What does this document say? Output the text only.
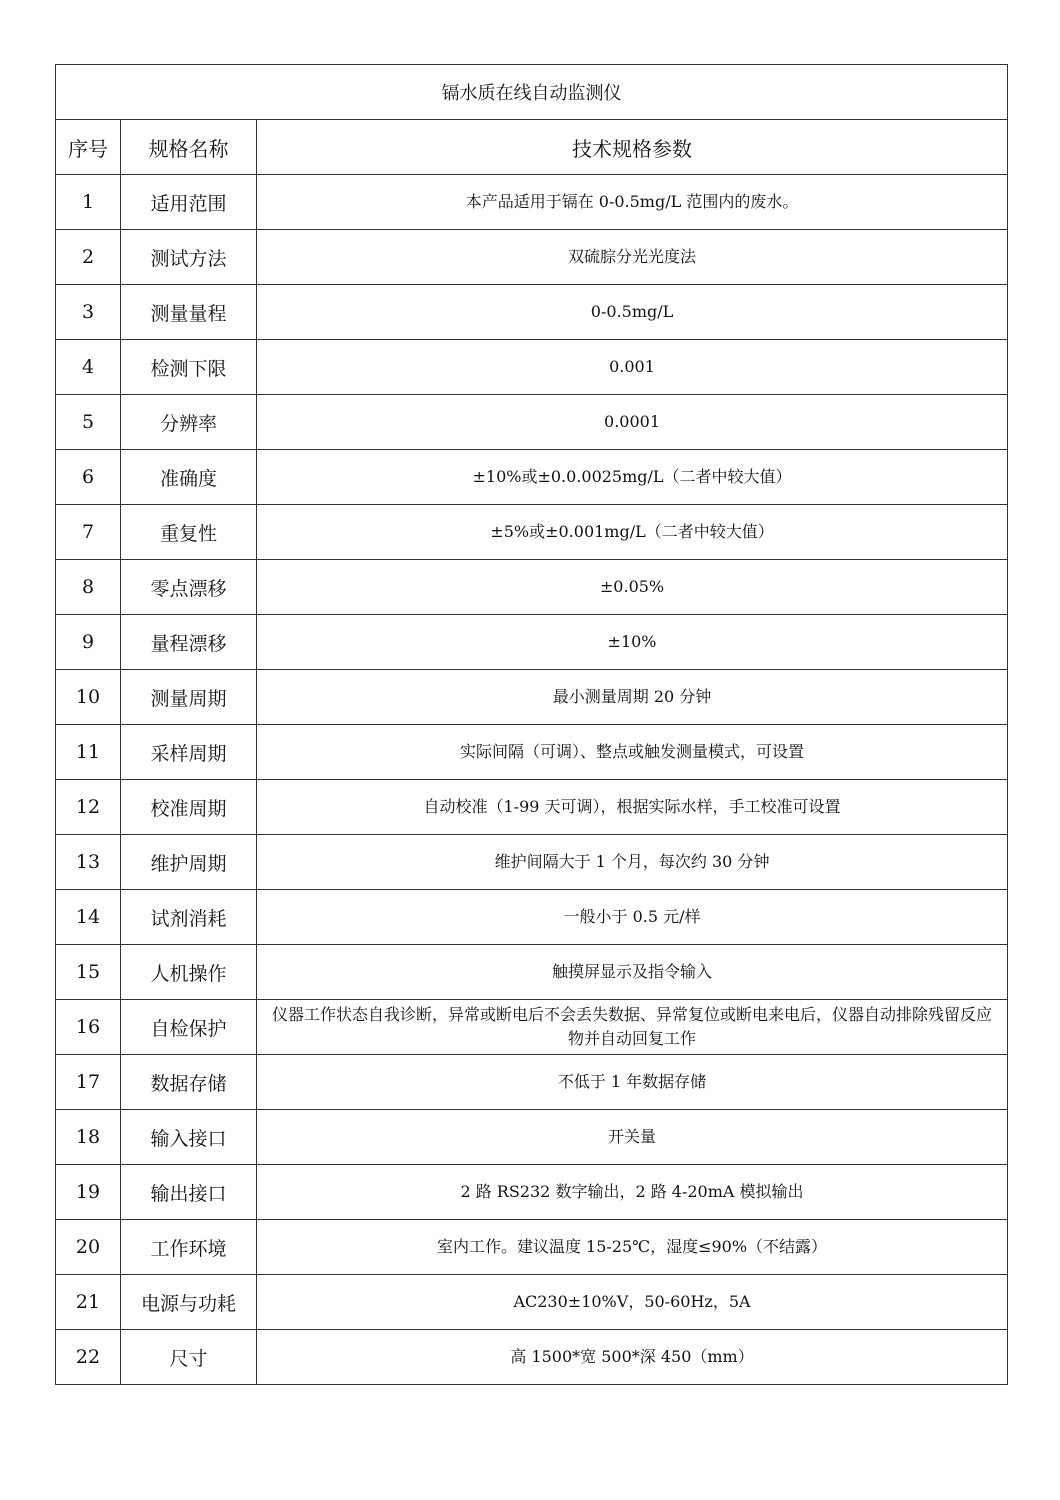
镉水质在线自动监测仪		
序号	规格名称	技术规格参数
1	适用范围	本产品适用于镉在 0-0.5mg/L 范围内的废水。
2	测试方法	双硫腙分光光度法
3	测量量程	0-0.5mg/L
4	检测下限	0.001
5	分辨率	0.0001
6	准确度	±10%或±0.0.0025mg/L（二者中较大值）
7	重复性	±5%或±0.001mg/L（二者中较大值）
8	零点漂移	±0.05%
9	量程漂移	±10%
10	测量周期	最小测量周期 20 分钟
11	采样周期	实际间隔（可调）、整点或触发测量模式，可设置
12	校准周期	自动校准（1-99 天可调），根据实际水样，手工校准可设置
13	维护周期	维护间隔大于 1 个月，每次约 30 分钟
14	试剂消耗	一般小于 0.5 元/样
15	人机操作	触摸屏显示及指令输入
16	自检保护	仪器工作状态自我诊断，异常或断电后不会丢失数据、异常复位或断电来电后，仪器自动排除残留反应物并自动回复工作
17	数据存储	不低于 1 年数据存储
18	输入接口	开关量
19	输出接口	2 路 RS232 数字输出，2 路 4-20mA 模拟输出
20	工作环境	室内工作。建议温度 15-25℃，湿度≤90%（不结露）
21	电源与功耗	AC230±10%V，50-60Hz，5A
22	尺寸	高 1500*宽 500*深 450（mm）
